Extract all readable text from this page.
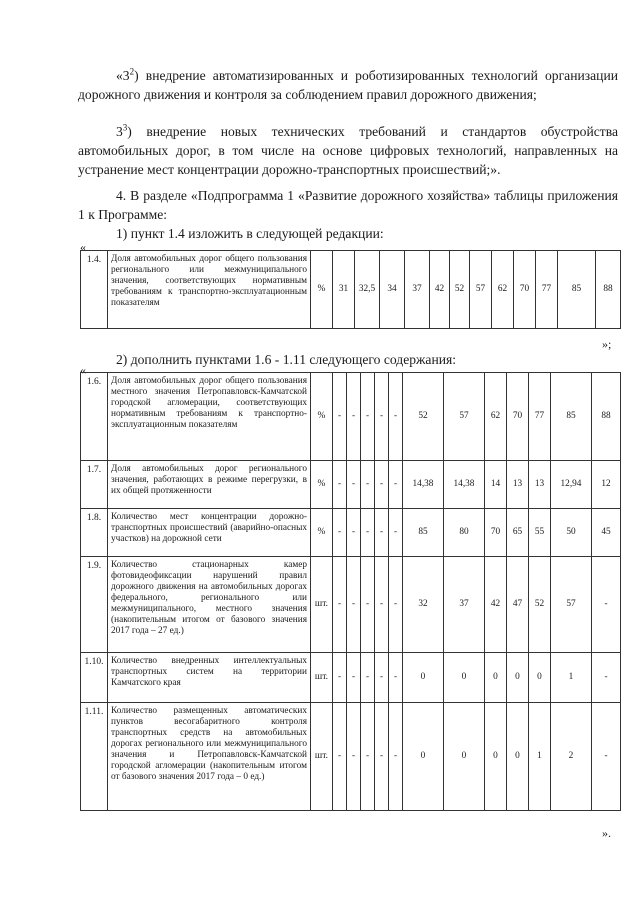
«$3^2$) внедрение автоматизированных и роботизированных технологий организации дорожного движения и контроля за соблюдением правил дорожного движения;
$3^3$) внедрение новых технических требований и стандартов обустройства автомобильных дорог, в том числе на основе цифровых технологий, направленных на устранение мест концентрации дорожно-транспортных происшествий;».
4. В разделе «Подпрограмма 1 «Развитие дорожного хозяйства» таблицы приложения 1 к Программе:
1) пункт 1.4 изложить в следующей редакции:
«
1.4.	Доля автомобильных дорог общего пользования регионального или межмуниципального значения, соответствующих нормативным требованиям к транспортно-эксплуатационным показателям	%	31	32,5	34	37	42	52	57	62	70	77	85	88
»;
2) дополнить пунктами 1.6 - 1.11 следующего содержания:
«
1.6.	Доля автомобильных дорог общего пользования местного значения Петропавловск-Камчатской городской агломерации, соответствующих нормативным требованиям к транспортно-эксплуатационным показателям	%	-	-	-	-	-	52	57	62	70	77	85	88
1.7.	Доля автомобильных дорог регионального значения, работающих в режиме перегрузки, в их общей протяженности	%	-	-	-	-	-	14,38	14,38	14	13	13	12,94	12
1.8.	Количество мест концентрации дорожно-транспортных происшествий (аварийно-опасных участков) на дорожной сети	%	-	-	-	-	-	85	80	70	65	55	50	45
1.9.	Количество стационарных камер фотовидеофиксации нарушений правил дорожного движения на автомобильных дорогах федерального, регионального или межмуниципального, местного значения (накопительным итогом от базового значения 2017 года – 27 ед.)	шт.	-	-	-	-	-	32	37	42	47	52	57	-
1.10.	Количество внедренных интеллектуальных транспортных систем на территории Камчатского края	шт.	-	-	-	-	-	0	0	0	0	0	1	-
1.11.	Количество размещенных автоматических пунктов весогабаритного контроля транспортных средств на автомобильных дорогах регионального или межмуниципального значения и Петропавловск-Камчатской городской агломерации (накопительным итогом от базового значения 2017 года – 0 ед.)	шт.	-	-	-	-	-	0	0	0	0	1	2	-
».
